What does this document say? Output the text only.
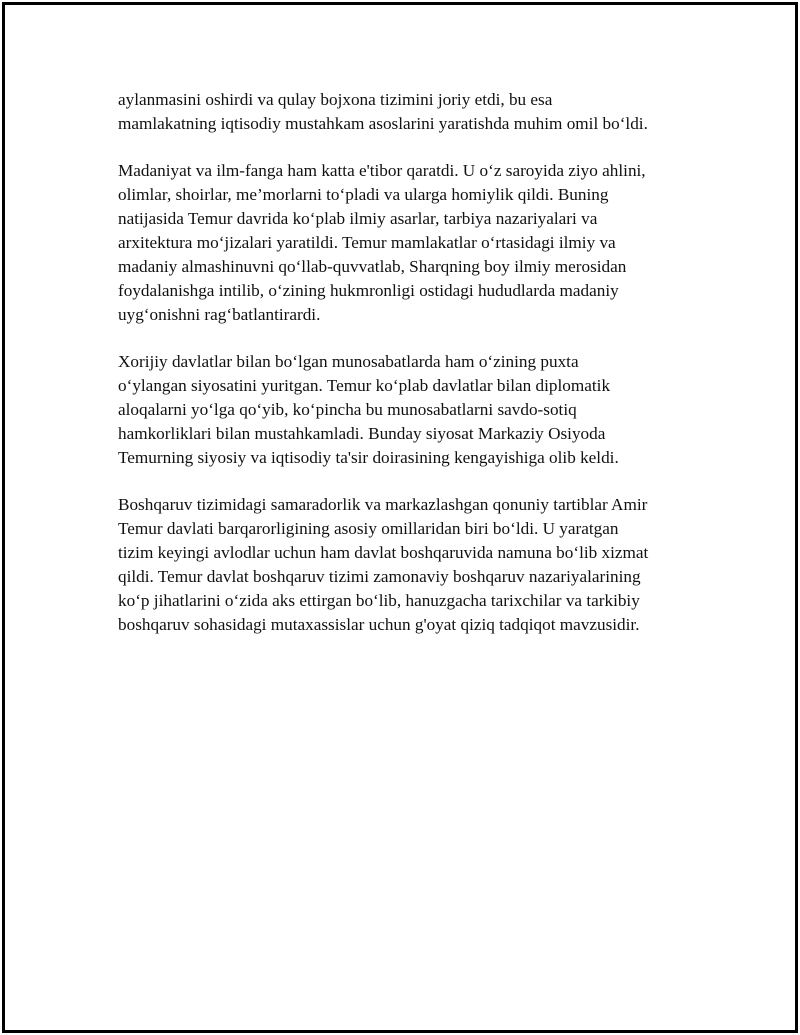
aylanmasini oshirdi va qulay bojxona tizimini joriy etdi, bu esa
mamlakatning iqtisodiy mustahkam asoslarini yaratishda muhim omil bo‘ldi.

Madaniyat va ilm-fanga ham katta e'tibor qaratdi. U o‘z saroyida ziyo ahlini,
olimlar, shoirlar, me’morlarni to‘pladi va ularga homiylik qildi. Buning
natijasida Temur davrida ko‘plab ilmiy asarlar, tarbiya nazariyalari va
arxitektura mo‘jizalari yaratildi. Temur mamlakatlar o‘rtasidagi ilmiy va
madaniy almashinuvni qo‘llab-quvvatlab, Sharqning boy ilmiy merosidan
foydalanishga intilib, o‘zining hukmronligi ostidagi hududlarda madaniy
uyg‘onishni rag‘batlantirardi.

Xorijiy davlatlar bilan bo‘lgan munosabatlarda ham o‘zining puxta
o‘ylangan siyosatini yuritgan. Temur ko‘plab davlatlar bilan diplomatik
aloqalarni yo‘lga qo‘yib, ko‘pincha bu munosabatlarni savdo-sotiq
hamkorliklari bilan mustahkamladi. Bunday siyosat Markaziy Osiyoda
Temurning siyosiy va iqtisodiy ta'sir doirasining kengayishiga olib keldi.

Boshqaruv tizimidagi samaradorlik va markazlashgan qonuniy tartiblar Amir
Temur davlati barqarorligining asosiy omillaridan biri bo‘ldi. U yaratgan
tizim keyingi avlodlar uchun ham davlat boshqaruvida namuna bo‘lib xizmat
qildi. Temur davlat boshqaruv tizimi zamonaviy boshqaruv nazariyalarining
ko‘p jihatlarini o‘zida aks ettirgan bo‘lib, hanuzgacha tarixchilar va tarkibiy
boshqaruv sohasidagi mutaxassislar uchun g'oyat qiziq tadqiqot mavzusidir.
